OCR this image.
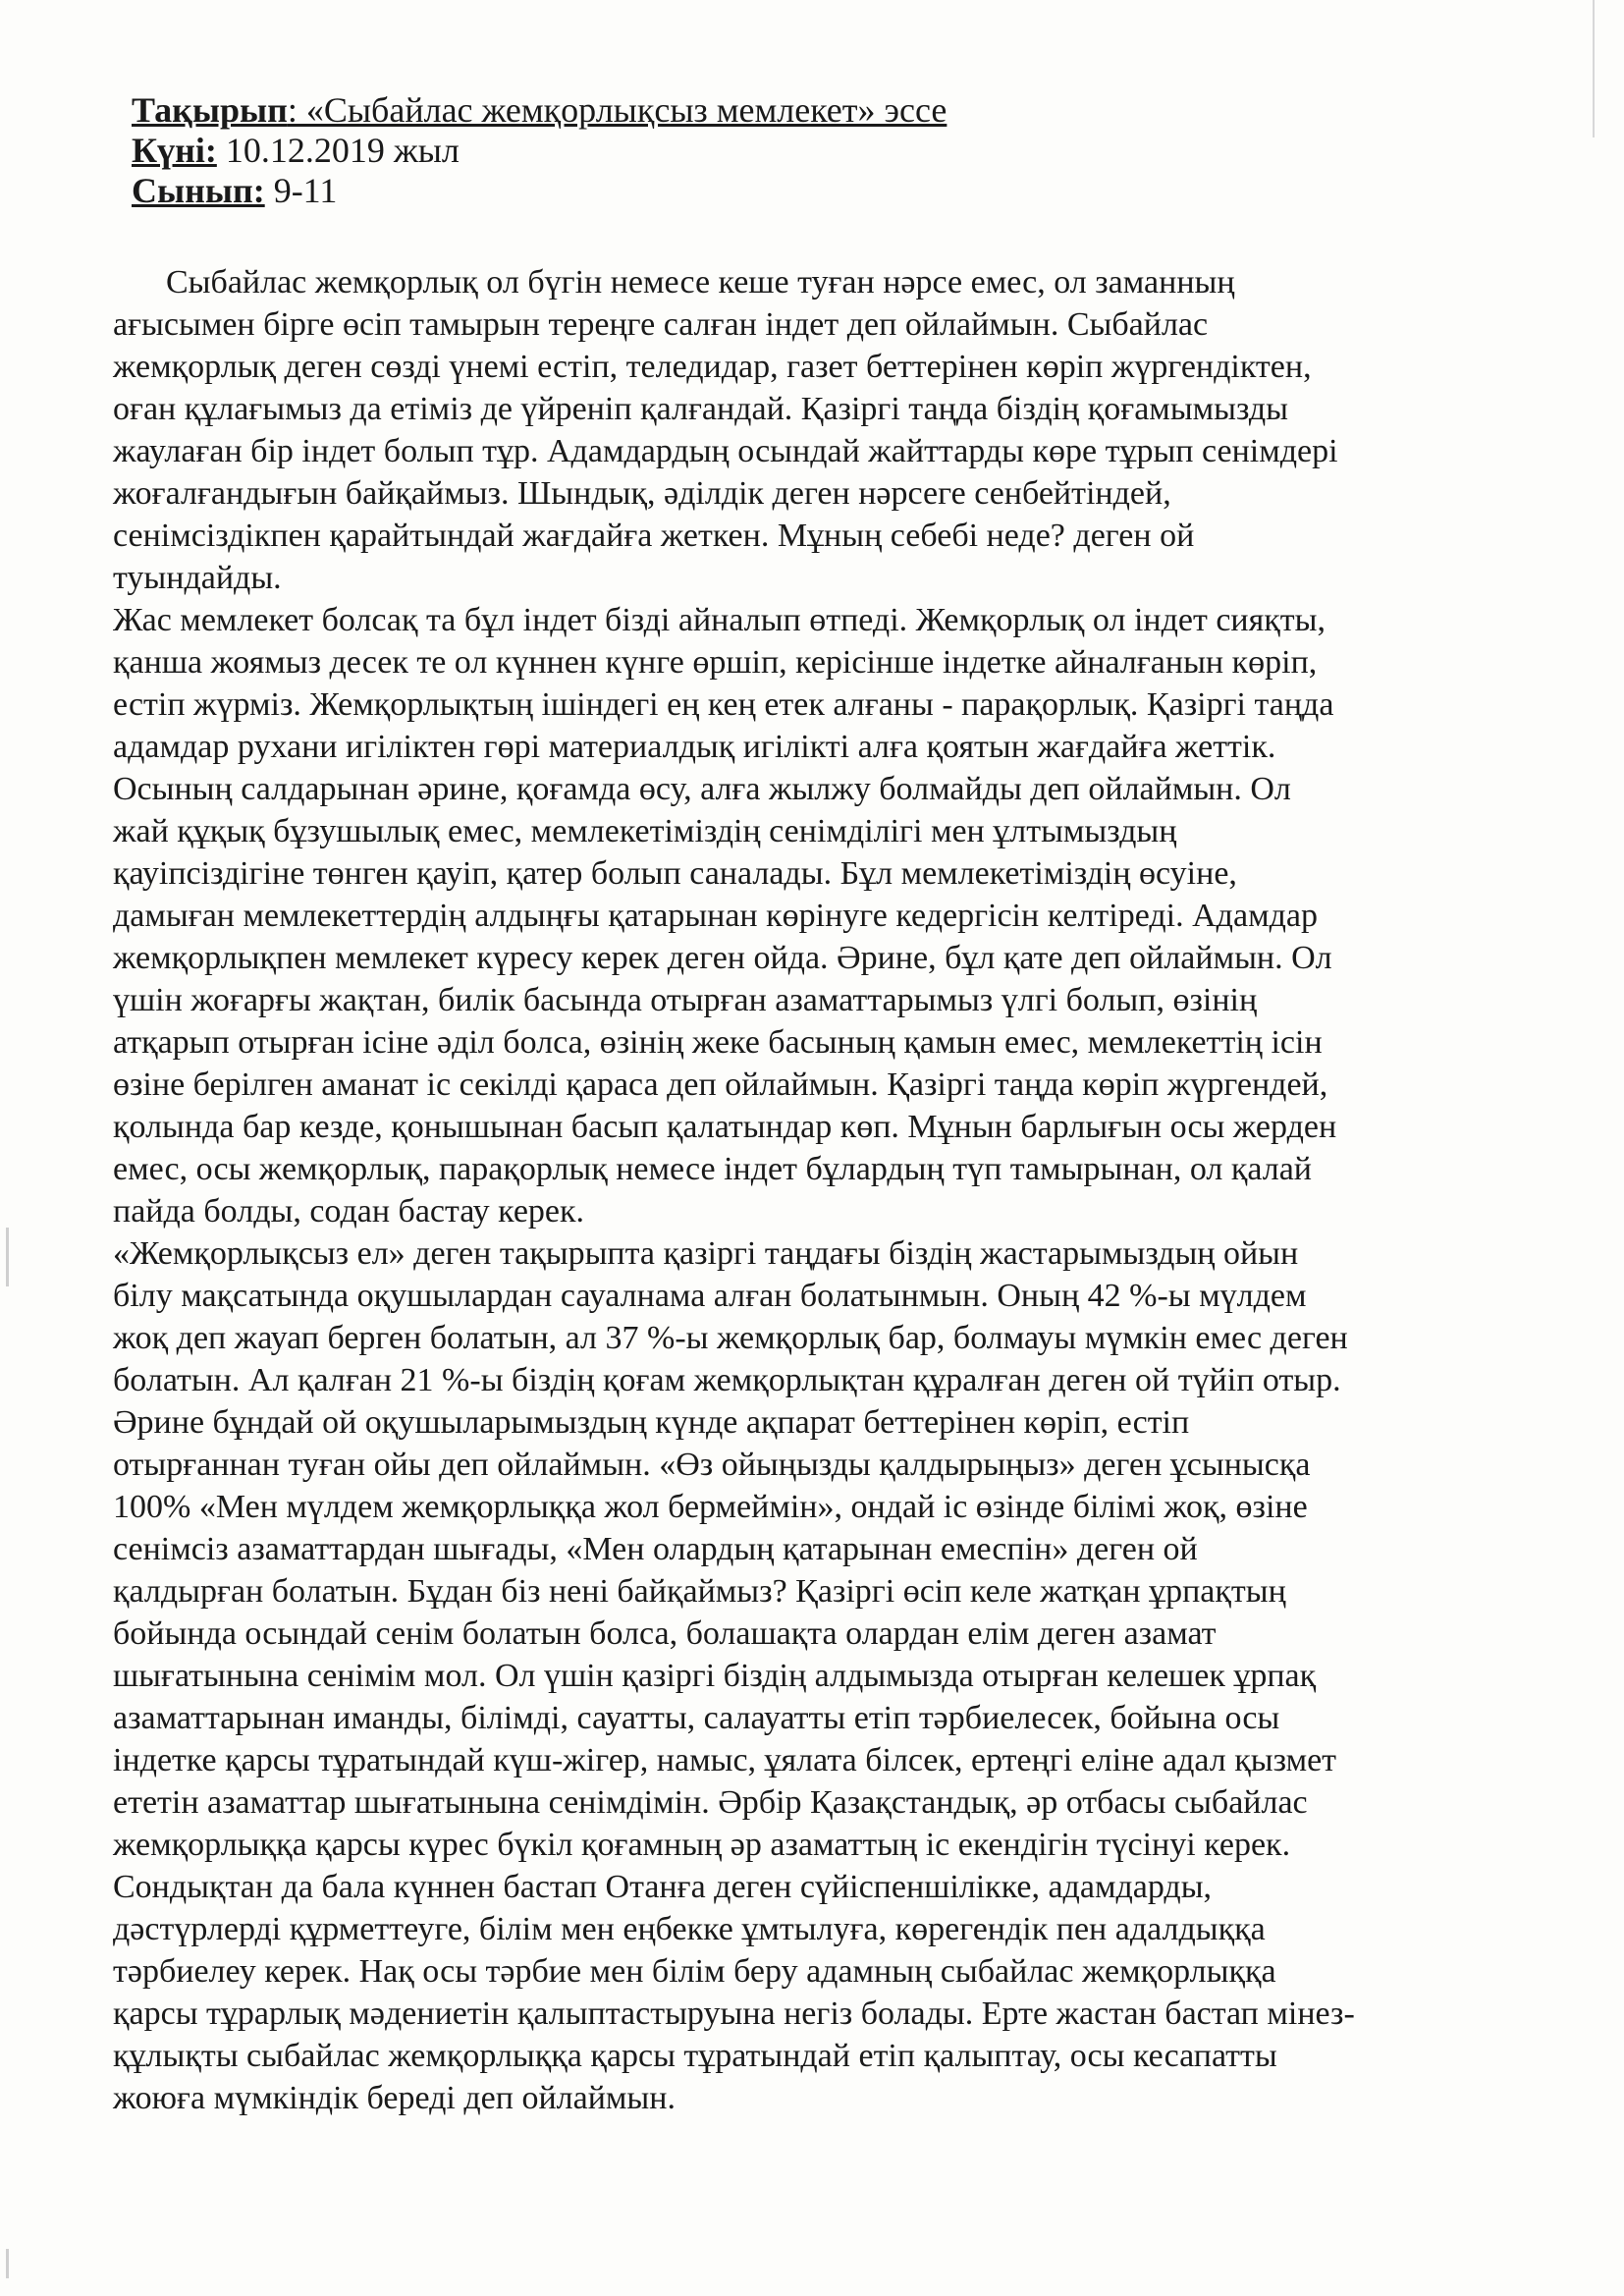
Тақырып: «Сыбайлас жемқорлықсыз мемлекет» эссе
Күні: 10.12.2019 жыл
Сынып: 9-11
Сыбайлас жемқорлық ол бүгін немесе кеше туған нәрсе емес, ол заманның
ағысымен бірге өсіп тамырын тереңге салған індет деп ойлаймын. Сыбайлас
жемқорлық деген сөзді үнемі естіп, теледидар, газет беттерінен көріп жүргендіктен,
оған құлағымыз да етіміз де үйреніп қалғандай. Қазіргі таңда біздің қоғамымызды
жаулаған бір індет болып тұр. Адамдардың осындай жайттарды көре тұрып сенімдері
жоғалғандығын байқаймыз. Шындық, әділдік деген нәрсеге сенбейтіндей,
сенімсіздікпен қарайтындай жағдайға жеткен. Мұның себебі неде? деген ой
туындайды.
Жас мемлекет болсақ та бұл індет бізді айналып өтпеді. Жемқорлық ол індет сияқты,
қанша жоямыз десек те ол күннен күнге өршіп, керісінше індетке айналғанын көріп,
естіп жүрміз. Жемқорлықтың ішіндегі ең кең етек алғаны - парақорлық. Қазіргі таңда
адамдар рухани игіліктен гөрі материалдық игілікті алға қоятын жағдайға жеттік.
Осының салдарынан әрине, қоғамда өсу, алға жылжу болмайды деп ойлаймын. Ол
жай құқық бұзушылық емес, мемлекетіміздің сенімділігі мен ұлтымыздың
қауіпсіздігіне төнген қауіп, қатер болып саналады. Бұл мемлекетіміздің өсуіне,
дамыған мемлекеттердің алдыңғы қатарынан көрінуге кедергісін келтіреді. Адамдар
жемқорлықпен мемлекет күресу керек деген ойда. Әрине, бұл қате деп ойлаймын. Ол
үшін жоғарғы жақтан, билік басында отырған азаматтарымыз үлгі болып, өзінің
атқарып отырған ісіне әділ болса, өзінің жеке басының қамын емес, мемлекеттің ісін
өзіне берілген аманат іс секілді қараса деп ойлаймын. Қазіргі таңда көріп жүргендей,
қолында бар кезде, қонышынан басып қалатындар көп. Мұнын барлығын осы жерден
емес, осы жемқорлық, парақорлық немесе індет бұлардың түп тамырынан, ол қалай
пайда болды, содан бастау керек.
«Жемқорлықсыз ел» деген тақырыпта қазіргі таңдағы біздің жастарымыздың ойын
білу мақсатында оқушылардан сауалнама алған болатынмын. Оның 42 %-ы мүлдем
жоқ деп жауап берген болатын, ал 37 %-ы жемқорлық бар, болмауы мүмкін емес деген
болатын. Ал қалған 21 %-ы біздің қоғам жемқорлықтан құралған деген ой түйіп отыр.
Әрине бұндай ой оқушыларымыздың күнде ақпарат беттерінен көріп, естіп
отырғаннан туған ойы деп ойлаймын. «Өз ойыңызды қалдырыңыз» деген ұсыныcқа
100% «Мен мүлдем жемқорлыққа жол бермеймін», ондай іс өзінде білімі жоқ, өзіне
сенімсіз азаматтардан шығады, «Мен олардың қатарынан емеспін» деген ой
қалдырған болатын. Бұдан біз нені байқаймыз? Қазіргі өсіп келе жатқан ұрпақтың
бойында осындай сенім болатын болса, болашақта олардан елім деген азамат
шығатынына сенімім мол. Ол үшін қазіргі біздің алдымызда отырған келешек ұрпақ
азаматтарынан иманды, білімді, сауатты, салауатты етіп тәрбиелесек, бойына осы
індетке қарсы тұратындай күш-жігер, намыс, ұялата білсек, ертеңгі еліне адал қызмет
ететін азаматтар шығатынына сенімдімін. Әрбір Қазақстандық, әр отбасы сыбайлас
жемқорлыққа қарсы күрес бүкіл қоғамның әр азаматтың іс екендігін түсінуі керек.
Сондықтан да бала күннен бастап Отанға деген сүйіспеншілікке, адамдарды,
дәстүрлерді құрметтеуге, білім мен еңбекке ұмтылуға, көрегендік пен адалдыққа
тәрбиелеу керек. Нақ осы тәрбие мен білім беру адамның сыбайлас жемқорлыққа
қарсы тұрарлық мәдениетін қалыптастыруына негіз болады. Ерте жастан бастап мінез-
құлықты сыбайлас жемқорлыққа қарсы тұратындай етіп қалыптау, осы кесапатты
жоюға мүмкіндік береді деп ойлаймын.
